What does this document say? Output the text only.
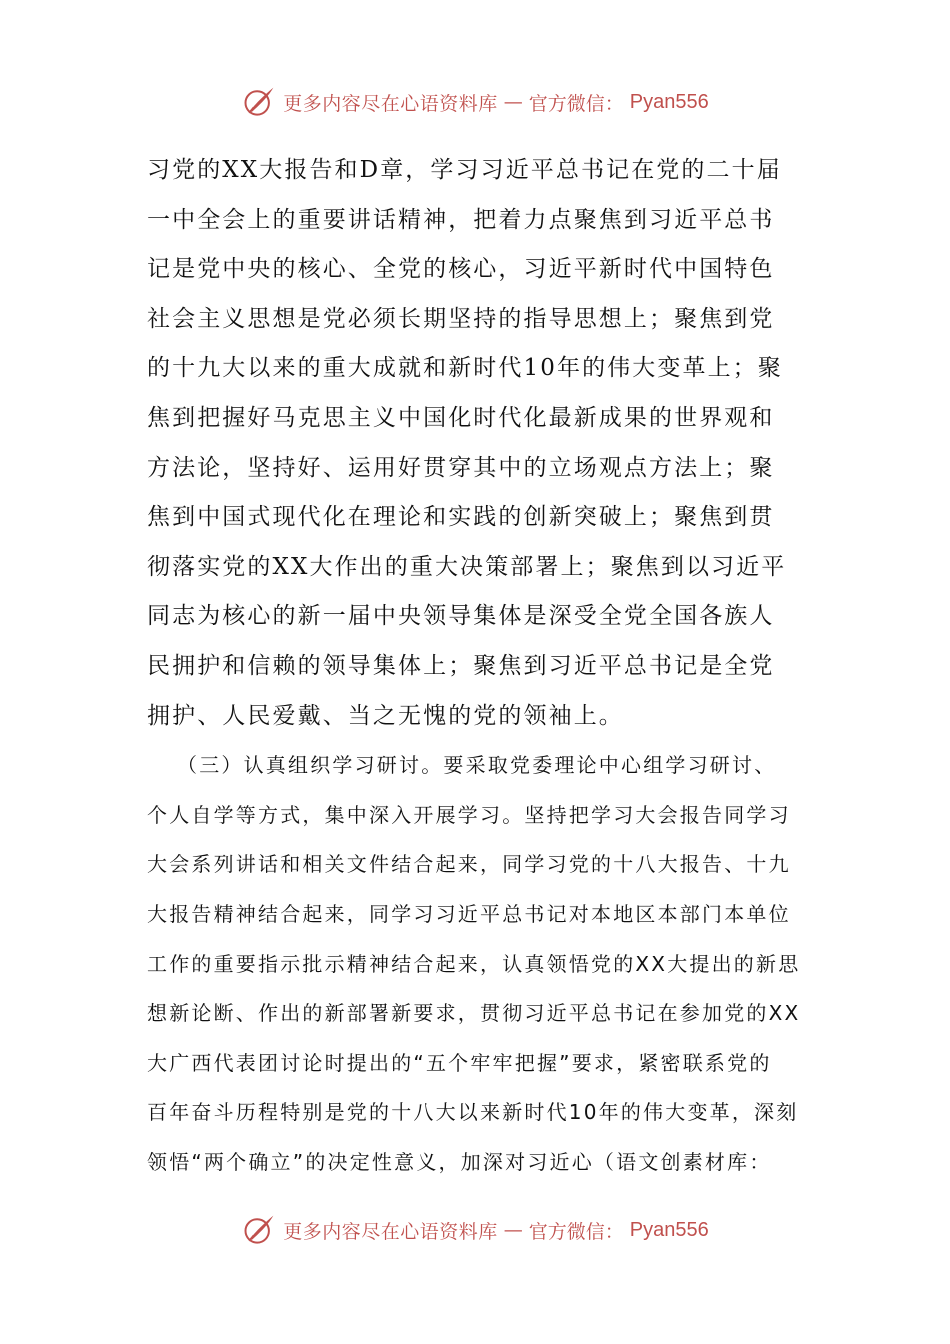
更多内容尽在心语资料库 — 官方微信： Pyan556

习党的XX大报告和D章，学习习近平总书记在党的二十届
一中全会上的重要讲话精神，把着力点聚焦到习近平总书
记是党中央的核心、全党的核心，习近平新时代中国特色
社会主义思想是党必须长期坚持的指导思想上；聚焦到党
的十九大以来的重大成就和新时代10年的伟大变革上；聚
焦到把握好马克思主义中国化时代化最新成果的世界观和
方法论，坚持好、运用好贯穿其中的立场观点方法上；聚
焦到中国式现代化在理论和实践的创新突破上；聚焦到贯
彻落实党的XX大作出的重大决策部署上；聚焦到以习近平
同志为核心的新一届中央领导集体是深受全党全国各族人
民拥护和信赖的领导集体上；聚焦到习近平总书记是全党
拥护、人民爱戴、当之无愧的党的领袖上。

（三）认真组织学习研讨。要采取党委理论中心组学习研讨、
个人自学等方式，集中深入开展学习。坚持把学习大会报告同学习
大会系列讲话和相关文件结合起来，同学习党的十八大报告、十九
大报告精神结合起来，同学习习近平总书记对本地区本部门本单位
工作的重要指示批示精神结合起来，认真领悟党的XX大提出的新思
想新论断、作出的新部署新要求，贯彻习近平总书记在参加党的XX
大广西代表团讨论时提出的“五个牢牢把握”要求，紧密联系党的
百年奋斗历程特别是党的十八大以来新时代10年的伟大变革，深刻
领悟“两个确立”的决定性意义，加深对习近心（语文创素材库：

更多内容尽在心语资料库 — 官方微信： Pyan556
